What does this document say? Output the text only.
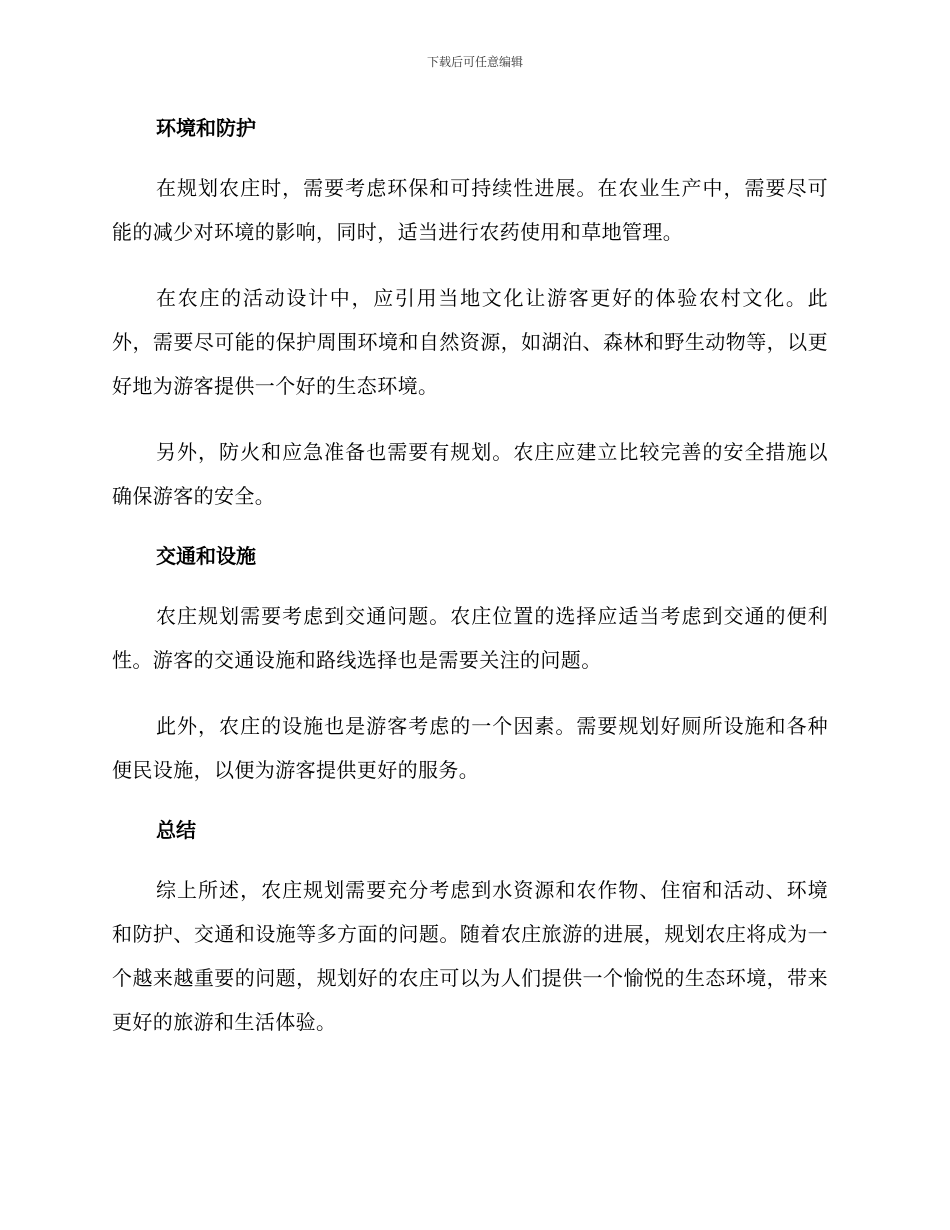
下载后可任意编辑
环境和防护

在规划农庄时，需要考虑环保和可持续性进展。在农业生产中，需要尽可能的减少对环境的影响，同时，适当进行农药使用和草地管理。

在农庄的活动设计中，应引用当地文化让游客更好的体验农村文化。此外，需要尽可能的保护周围环境和自然资源，如湖泊、森林和野生动物等，以更好地为游客提供一个好的生态环境。

另外，防火和应急准备也需要有规划。农庄应建立比较完善的安全措施以确保游客的安全。

交通和设施

农庄规划需要考虑到交通问题。农庄位置的选择应适当考虑到交通的便利性。游客的交通设施和路线选择也是需要关注的问题。

此外，农庄的设施也是游客考虑的一个因素。需要规划好厕所设施和各种便民设施，以便为游客提供更好的服务。

总结

综上所述，农庄规划需要充分考虑到水资源和农作物、住宿和活动、环境和防护、交通和设施等多方面的问题。随着农庄旅游的进展，规划农庄将成为一个越来越重要的问题，规划好的农庄可以为人们提供一个愉悦的生态环境，带来更好的旅游和生活体验。
